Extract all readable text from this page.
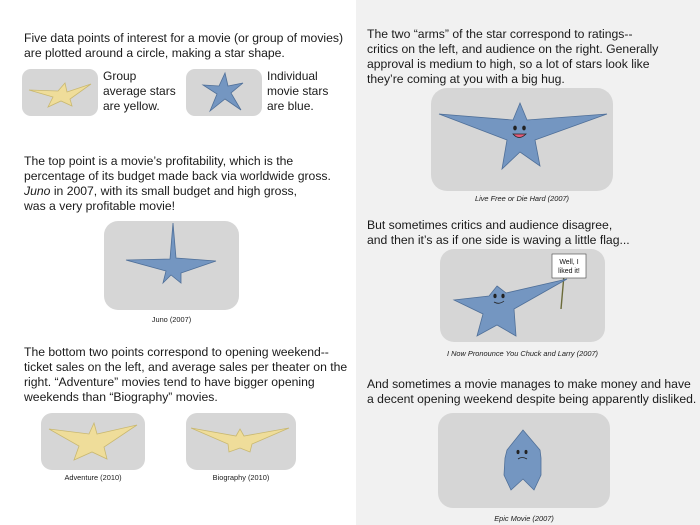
Five data points of interest for a movie (or group of movies)
are plotted around a circle, making a star shape.

Group
average stars
are yellow.
Individual
movie stars
are blue.

The top point is a movie’s profitability, which is the
percentage of its budget made back via worldwide gross.
Juno in 2007, with its small budget and high gross,
was a very profitable movie!

Juno (2007)

The bottom two points correspond to opening weekend--
ticket sales on the left, and average sales per theater on the
right. “Adventure” movies tend to have bigger opening
weekends than “Biography” movies.

Adventure (2010)	Biography (2010)

The two “arms” of the star correspond to ratings--
critics on the left, and audience on the right. Generally
approval is medium to high, so a lot of stars look like
they’re coming at you with a big hug.

Live Free or Die Hard (2007)

But sometimes critics and audience disagree,
and then it’s as if one side is waving a little flag...

Well, I
liked it!
I Now Pronounce You Chuck and Larry (2007)

And sometimes a movie manages to make money and have
a decent opening weekend despite being apparently disliked.

Epic Movie (2007)
